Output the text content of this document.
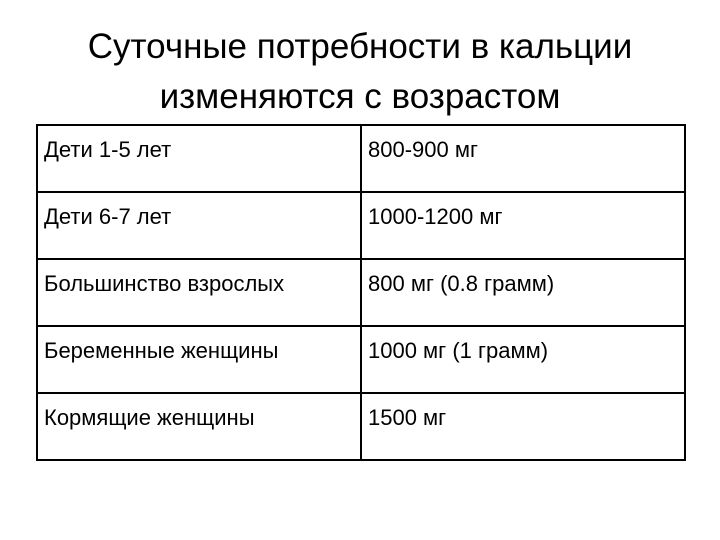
Суточные потребности в кальции
изменяются с возрастом
Дети 1-5 лет	800-900 мг
Дети 6-7 лет	1000-1200 мг
Большинство взрослых	800 мг (0.8 грамм)
Беременные женщины	1000 мг (1 грамм)
Кормящие женщины	1500 мг
